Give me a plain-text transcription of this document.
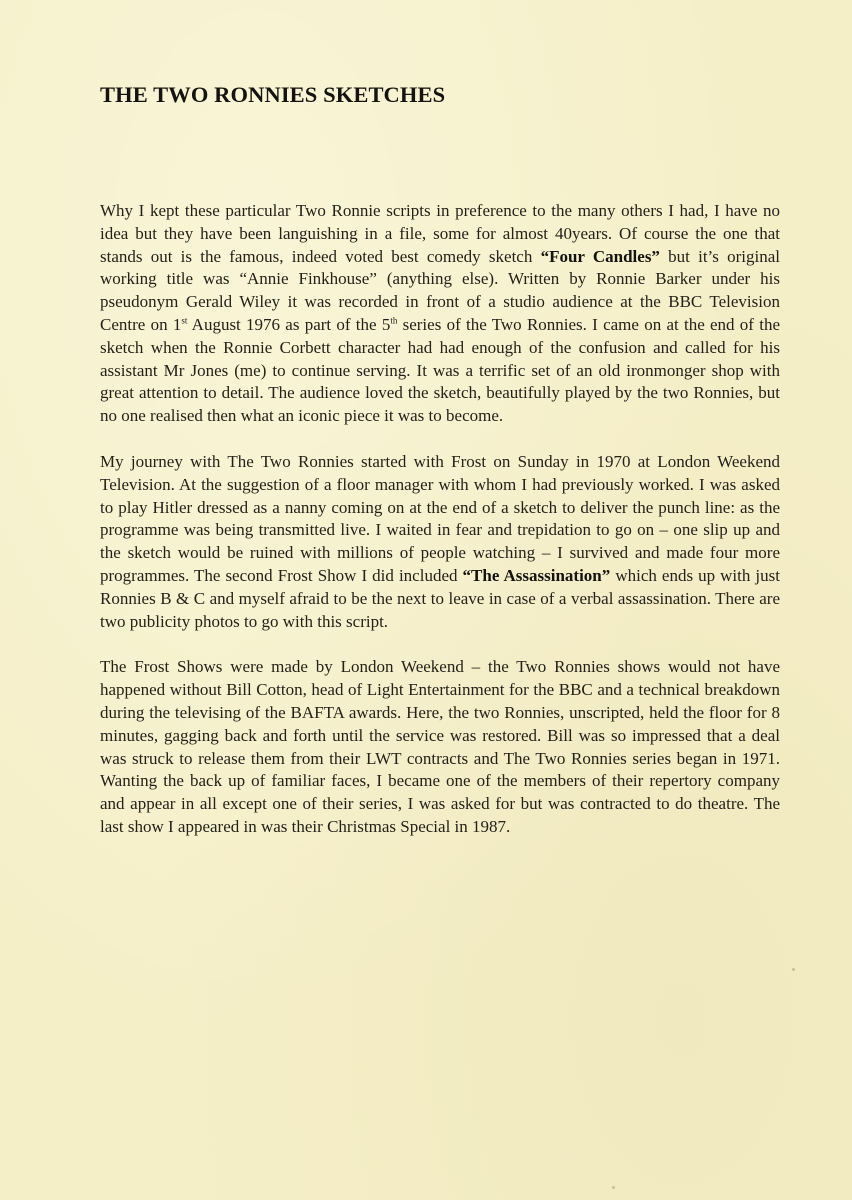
THE TWO RONNIES SKETCHES

Why I kept these particular Two Ronnie scripts in preference to the many others I had, I have no idea but they have been languishing in a file, some for almost 40years. Of course the one that stands out is the famous, indeed voted best comedy sketch “Four Candles” but it’s original working title was “Annie Finkhouse” (anything else). Written by Ronnie Barker under his pseudonym Gerald Wiley it was recorded in front of a studio audience at the BBC Television Centre on 1st August 1976 as part of the 5th series of the Two Ronnies. I came on at the end of the sketch when the Ronnie Corbett character had had enough of the confusion and called for his assistant Mr Jones (me) to continue serving. It was a terrific set of an old ironmonger shop with great attention to detail. The audience loved the sketch, beautifully played by the two Ronnies, but no one realised then what an iconic piece it was to become.

My journey with The Two Ronnies started with Frost on Sunday in 1970 at London Weekend Television. At the suggestion of a floor manager with whom I had previously worked. I was asked to play Hitler dressed as a nanny coming on at the end of a sketch to deliver the punch line: as the programme was being transmitted live. I waited in fear and trepidation to go on – one slip up and the sketch would be ruined with millions of people watching – I survived and made four more programmes. The second Frost Show I did included “The Assassination” which ends up with just Ronnies B & C and myself afraid to be the next to leave in case of a verbal assassination. There are two publicity photos to go with this script.

The Frost Shows were made by London Weekend – the Two Ronnies shows would not have happened without Bill Cotton, head of Light Entertainment for the BBC and a technical breakdown during the televising of the BAFTA awards. Here, the two Ronnies, unscripted, held the floor for 8 minutes, gagging back and forth until the service was restored. Bill was so impressed that a deal was struck to release them from their LWT contracts and The Two Ronnies series began in 1971. Wanting the back up of familiar faces, I became one of the members of their repertory company and appear in all except one of their series, I was asked for but was contracted to do theatre. The last show I appeared in was their Christmas Special in 1987.
